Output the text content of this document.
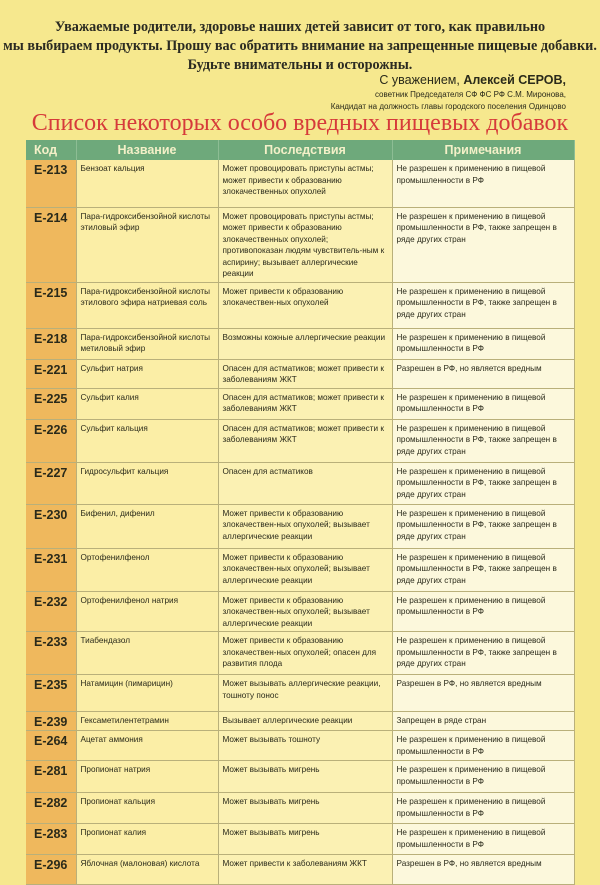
Уважаемые родители, здоровье наших детей зависит от того, как правильно
мы выбираем продукты. Прошу вас обратить внимание на запрещенные пищевые добавки.
Будьте внимательны и осторожны.
С уважением, Алексей СЕРОВ,
советник Председателя СФ ФС РФ С.М. Миронова,
Кандидат на должность главы городского поселения Одинцово
Список некоторых особо вредных пищевых добавок
Код	Название	Последствия	Примечания
E-213	Бензоат кальция	Может провоцировать приступы астмы; может привести к образованию злокачественных опухолей	Не разрешен к применению в пищевой промышленности в РФ
E-214	Пара-гидроксибензойной кислоты этиловый эфир	Может провоцировать приступы астмы; может привести к образованию злокачественных опухолей; противопоказан людям чувствитель-ным к аспирину; вызывает аллергические реакции	Не разрешен к применению в пищевой промышленности в РФ, также запрещен в ряде других стран
E-215	Пара-гидроксибензойной кислоты этилового эфира натриевая соль	Может привести к образованию злокачествен-ных опухолей	Не разрешен к применению в пищевой промышленности в РФ, также запрещен в ряде других стран
E-218	Пара-гидроксибензойной кислоты метиловый эфир	Возможны кожные аллергические реакции	Не разрешен к применению в пищевой промышленности в РФ
E-221	Сульфит натрия	Опасен для астматиков; может привести к заболеваниям ЖКТ	Разрешен в РФ, но является вредным
E-225	Сульфит калия	Опасен для астматиков; может привести к заболеваниям ЖКТ	Не разрешен к применению в пищевой промышленности в РФ
E-226	Сульфит кальция	Опасен для астматиков; может привести к заболеваниям ЖКТ	Не разрешен к применению в пищевой промышленности в РФ, также запрещен в ряде других стран
E-227	Гидросульфит кальция	Опасен для астматиков	Не разрешен к применению в пищевой промышленности в РФ, также запрещен в ряде других стран
E-230	Бифенил, дифенил	Может привести к образованию злокачествен-ных опухолей; вызывает аллергические реакции	Не разрешен к применению в пищевой промышленности в РФ, также запрещен в ряде других стран
E-231	Ортофенилфенол	Может привести к образованию злокачествен-ных опухолей; вызывает аллергические реакции	Не разрешен к применению в пищевой промышленности в РФ, также запрещен в ряде других стран
E-232	Ортофенилфенол натрия	Может привести к образованию злокачествен-ных опухолей; вызывает аллергические реакции	Не разрешен к применению в пищевой промышленности в РФ
E-233	Тиабендазол	Может привести к образованию злокачествен-ных опухолей; опасен для развития плода	Не разрешен к применению в пищевой промышленности в РФ, также запрещен в ряде других стран
E-235	Натамицин (пимарицин)	Может вызывать аллергические реакции, тошноту понос	Разрешен в РФ, но является вредным
E-239	Гексаметилентетрамин	Вызывает аллергические реакции	Запрещен в ряде стран
E-264	Ацетат аммония	Может вызывать тошноту	Не разрешен к применению в пищевой промышленности в РФ
E-281	Пропионат натрия	Может вызывать мигрень	Не разрешен к применению в пищевой промышленности в РФ
E-282	Пропионат кальция	Может вызывать мигрень	Не разрешен к применению в пищевой промышленности в РФ
E-283	Пропионат калия	Может вызывать мигрень	Не разрешен к применению в пищевой промышленности в РФ
E-296	Яблочная (малоновая) кислота	Может привести к заболеваниям ЖКТ	Разрешен в РФ, но является вредным
